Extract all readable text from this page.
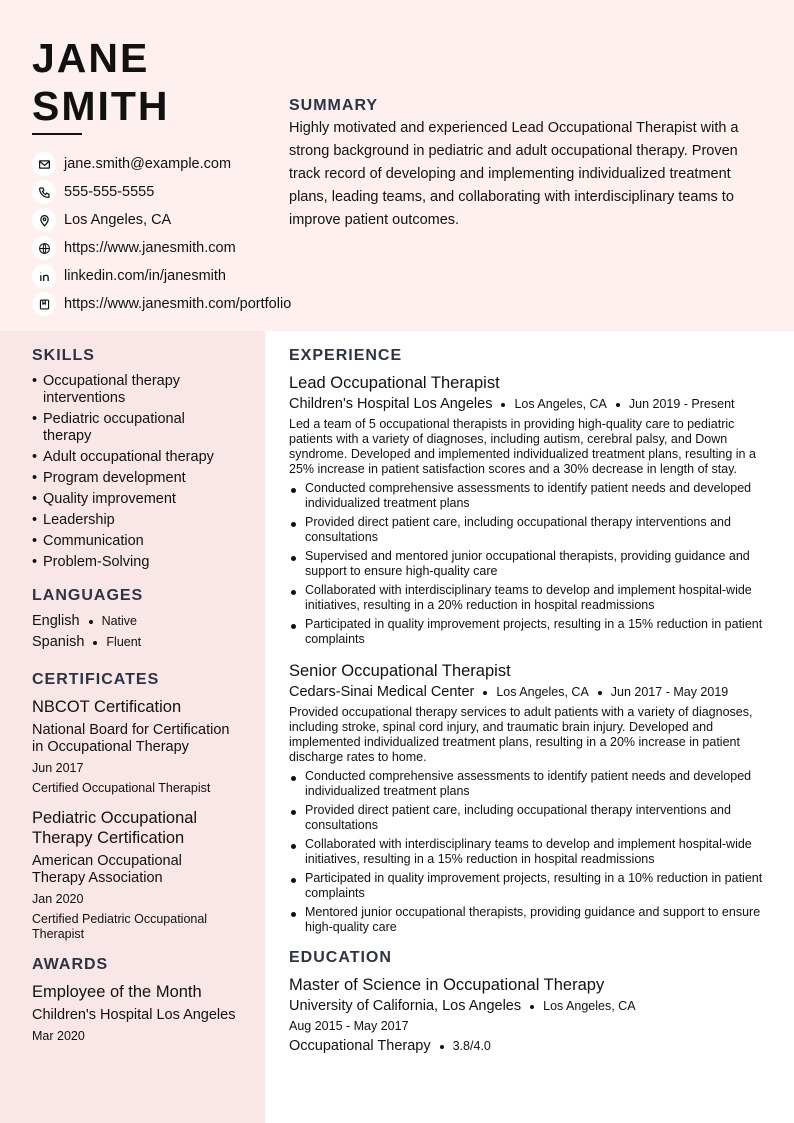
JANE
SMITH
jane.smith@example.com
555-555-5555
Los Angeles, CA
https://www.janesmith.com
linkedin.com/in/janesmith
https://www.janesmith.com/portfolio
SUMMARY

Highly motivated and experienced Lead Occupational Therapist with a strong background in pediatric and adult occupational therapy. Proven track record of developing and implementing individualized treatment plans, leading teams, and collaborating with interdisciplinary teams to improve patient outcomes.

SKILLS
• Occupational therapy interventions
• Pediatric occupational therapy
• Adult occupational therapy
• Program development
• Quality improvement
• Leadership
• Communication
• Problem-Solving
LANGUAGES
English Native
Spanish Fluent
CERTIFICATES
NBCOT Certification
National Board for Certification in Occupational Therapy
Jun 2017
Certified Occupational Therapist
Pediatric Occupational Therapy Certification
American Occupational Therapy Association
Jan 2020
Certified Pediatric Occupational Therapist
AWARDS
Employee of the Month
Children's Hospital Los Angeles
Mar 2020
EXPERIENCE
Lead Occupational Therapist
Children's Hospital Los Angeles Los Angeles, CA Jun 2019 - Present
Led a team of 5 occupational therapists in providing high-quality care to pediatric patients with a variety of diagnoses, including autism, cerebral palsy, and Down syndrome. Developed and implemented individualized treatment plans, resulting in a 25% increase in patient satisfaction scores and a 30% decrease in length of stay.
Conducted comprehensive assessments to identify patient needs and developed individualized treatment plans
Provided direct patient care, including occupational therapy interventions and consultations
Supervised and mentored junior occupational therapists, providing guidance and support to ensure high-quality care
Collaborated with interdisciplinary teams to develop and implement hospital-wide initiatives, resulting in a 20% reduction in hospital readmissions
Participated in quality improvement projects, resulting in a 15% reduction in patient complaints
Senior Occupational Therapist
Cedars-Sinai Medical Center Los Angeles, CA Jun 2017 - May 2019
Provided occupational therapy services to adult patients with a variety of diagnoses, including stroke, spinal cord injury, and traumatic brain injury. Developed and implemented individualized treatment plans, resulting in a 20% increase in patient discharge rates to home.
Conducted comprehensive assessments to identify patient needs and developed individualized treatment plans
Provided direct patient care, including occupational therapy interventions and consultations
Collaborated with interdisciplinary teams to develop and implement hospital-wide initiatives, resulting in a 15% reduction in hospital readmissions
Participated in quality improvement projects, resulting in a 10% reduction in patient complaints
Mentored junior occupational therapists, providing guidance and support to ensure high-quality care
EDUCATION
Master of Science in Occupational Therapy
University of California, Los Angeles Los Angeles, CA
Aug 2015 - May 2017
Occupational Therapy 3.8/4.0
